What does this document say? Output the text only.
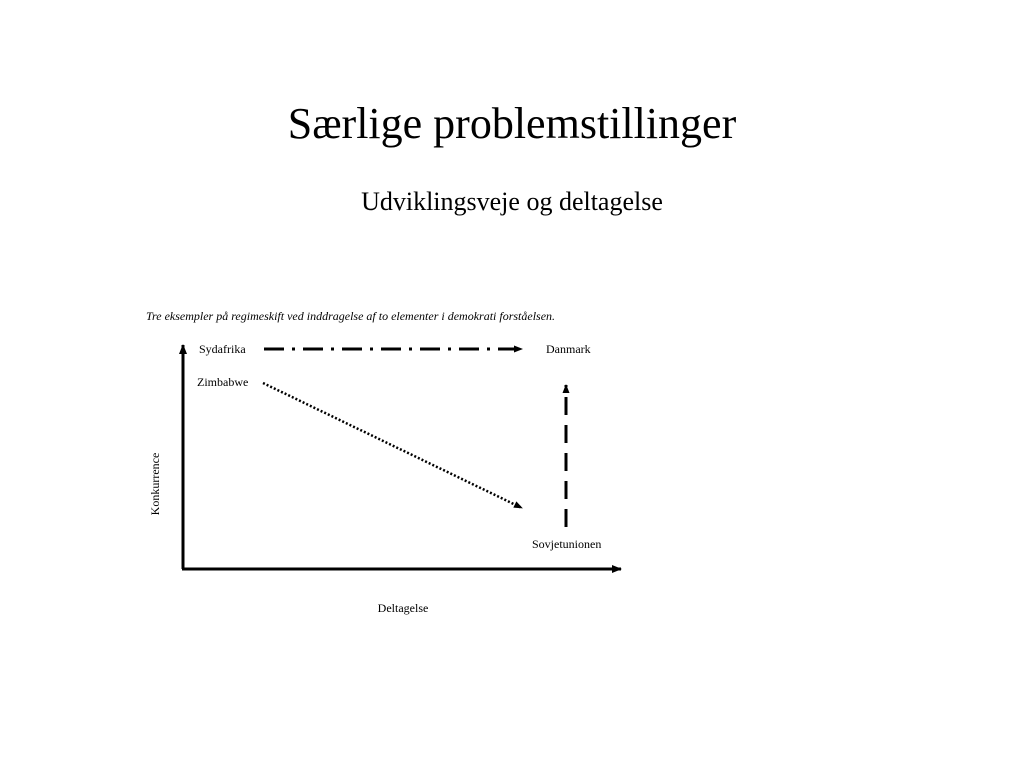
Særlige problemstillinger
Udviklingsveje og deltagelse
Tre eksempler på regimeskift ved inddragelse af to elementer i demokrati forståelsen.
Sydafrika	Danmark
Zimbabwe
Sovjetunionen
Konkurrence
Deltagelse
